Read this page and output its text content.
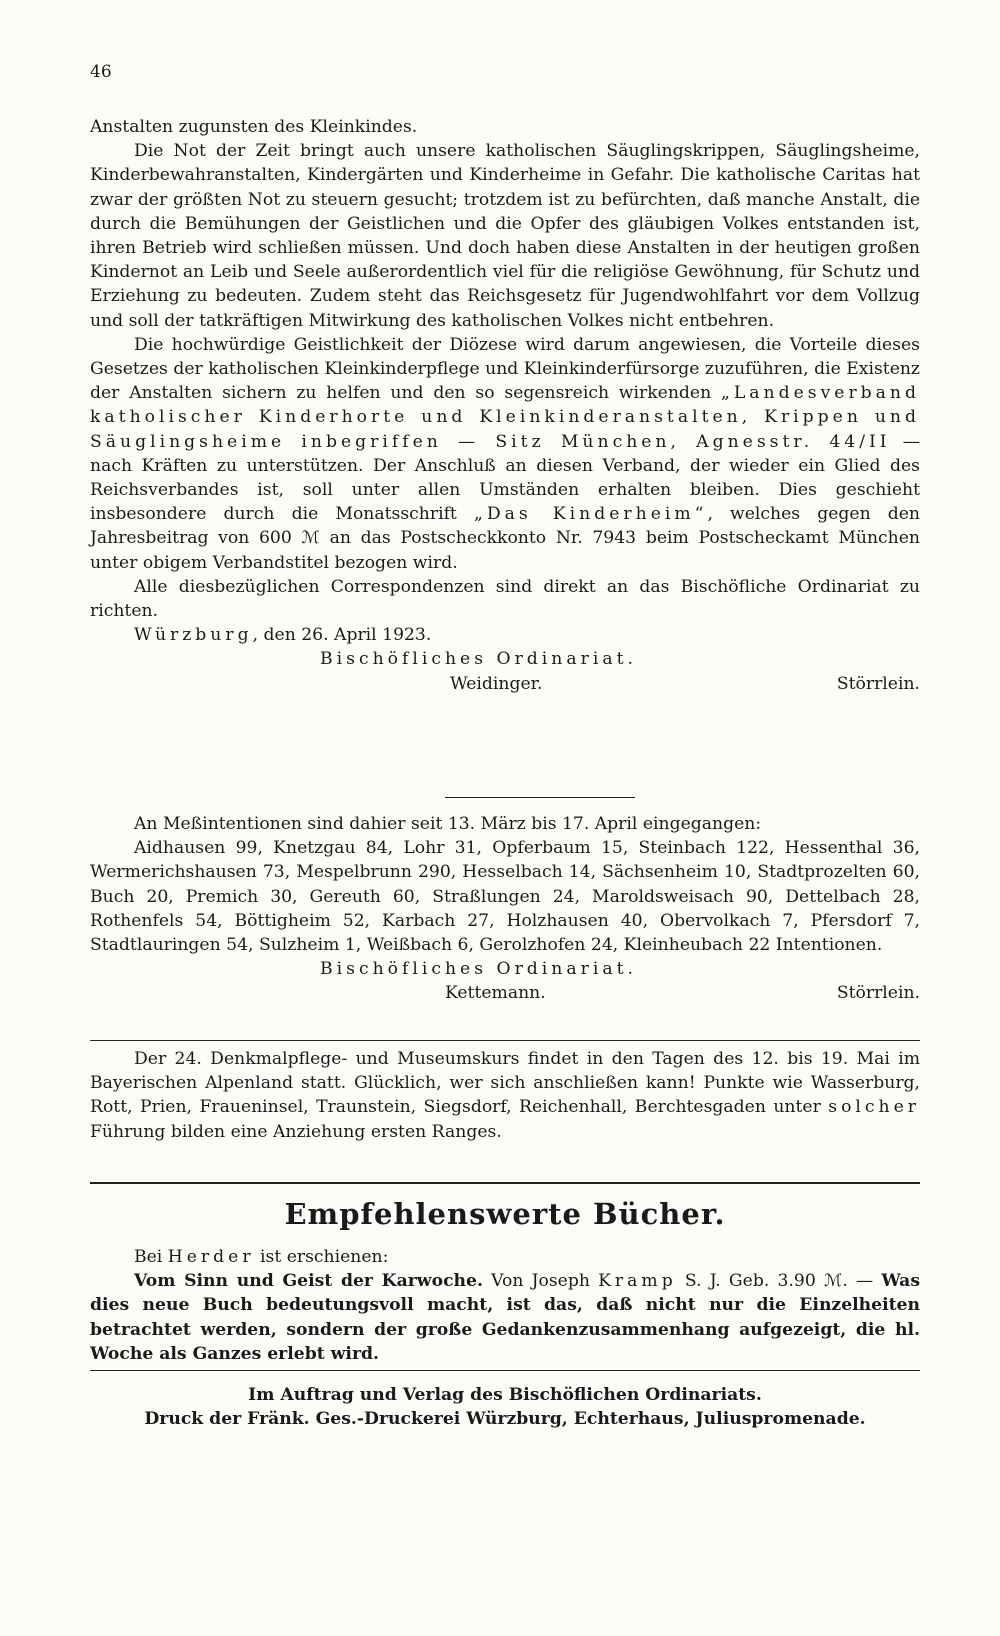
46

Anstalten zugunsten des Kleinkindes.

Die Not der Zeit bringt auch unsere katholischen Säuglingskrippen, Säuglingsheime, Kinderbewahranstalten, Kindergärten und Kinderheime in Gefahr. Die katholische Caritas hat zwar der größten Not zu steuern gesucht; trotzdem ist zu befürchten, daß manche Anstalt, die durch die Bemühungen der Geistlichen und die Opfer des gläubigen Volkes entstanden ist, ihren Betrieb wird schließen müssen. Und doch haben diese Anstalten in der heutigen großen Kindernot an Leib und Seele außerordentlich viel für die religiöse Gewöhnung, für Schutz und Erziehung zu bedeuten. Zudem steht das Reichsgesetz für Jugendwohlfahrt vor dem Vollzug und soll der tatkräftigen Mitwirkung des katholischen Volkes nicht entbehren.

Die hochwürdige Geistlichkeit der Diözese wird darum angewiesen, die Vorteile dieses Gesetzes der katholischen Kleinkinderpflege und Kleinkinderfürsorge zuzuführen, die Existenz der Anstalten sichern zu helfen und den so segensreich wirkenden „Landesverband katholischer Kinderhorte und Kleinkinderanstalten, Krippen und Säuglingsheime inbegriffen — Sitz München, Agnesstr. 44/II — nach Kräften zu unterstützen. Der Anschluß an diesen Verband, der wieder ein Glied des Reichsverbandes ist, soll unter allen Umständen erhalten bleiben. Dies geschieht insbesondere durch die Monatsschrift „Das Kinderheim“, welches gegen den Jahresbeitrag von 600 ℳ an das Postscheckkonto Nr. 7943 beim Postscheckamt München unter obigem Verbandstitel bezogen wird.

Alle diesbezüglichen Correspondenzen sind direkt an das Bischöfliche Ordinariat zu richten.

Würzburg, den 26. April 1923.

Bischöfliches Ordinariat.
Weidinger.	Störrlein.

An Meßintentionen sind dahier seit 13. März bis 17. April eingegangen:

Aidhausen 99, Knetzgau 84, Lohr 31, Opferbaum 15, Steinbach 122, Hessenthal 36, Wermerichshausen 73, Mespelbrunn 290, Hesselbach 14, Sächsenheim 10, Stadtprozelten 60, Buch 20, Premich 30, Gereuth 60, Straßlungen 24, Maroldsweisach 90, Dettelbach 28, Rothenfels 54, Böttigheim 52, Karbach 27, Holzhausen 40, Obervolkach 7, Pfersdorf 7, Stadtlauringen 54, Sulzheim 1, Weißbach 6, Gerolzhofen 24, Kleinheubach 22 Intentionen.

Bischöfliches Ordinariat.
Kettemann.	Störrlein.

Der 24. Denkmalpflege- und Museumskurs findet in den Tagen des 12. bis 19. Mai im Bayerischen Alpenland statt. Glücklich, wer sich anschließen kann! Punkte wie Wasserburg, Rott, Prien, Fraueninsel, Traunstein, Siegsdorf, Reichenhall, Berchtesgaden unter solcher Führung bilden eine Anziehung ersten Ranges.

Empfehlenswerte Bücher.

Bei Herder ist erschienen:

Vom Sinn und Geist der Karwoche. Von Joseph Kramp S. J. Geb. 3.90 ℳ. — Was dies neue Buch bedeutungsvoll macht, ist das, daß nicht nur die Einzelheiten betrachtet werden, sondern der große Gedankenzusammenhang aufgezeigt, die hl. Woche als Ganzes erlebt wird.

Im Auftrag und Verlag des Bischöflichen Ordinariats.
Druck der Fränk. Ges.-Druckerei Würzburg, Echterhaus, Juliuspromenade.
